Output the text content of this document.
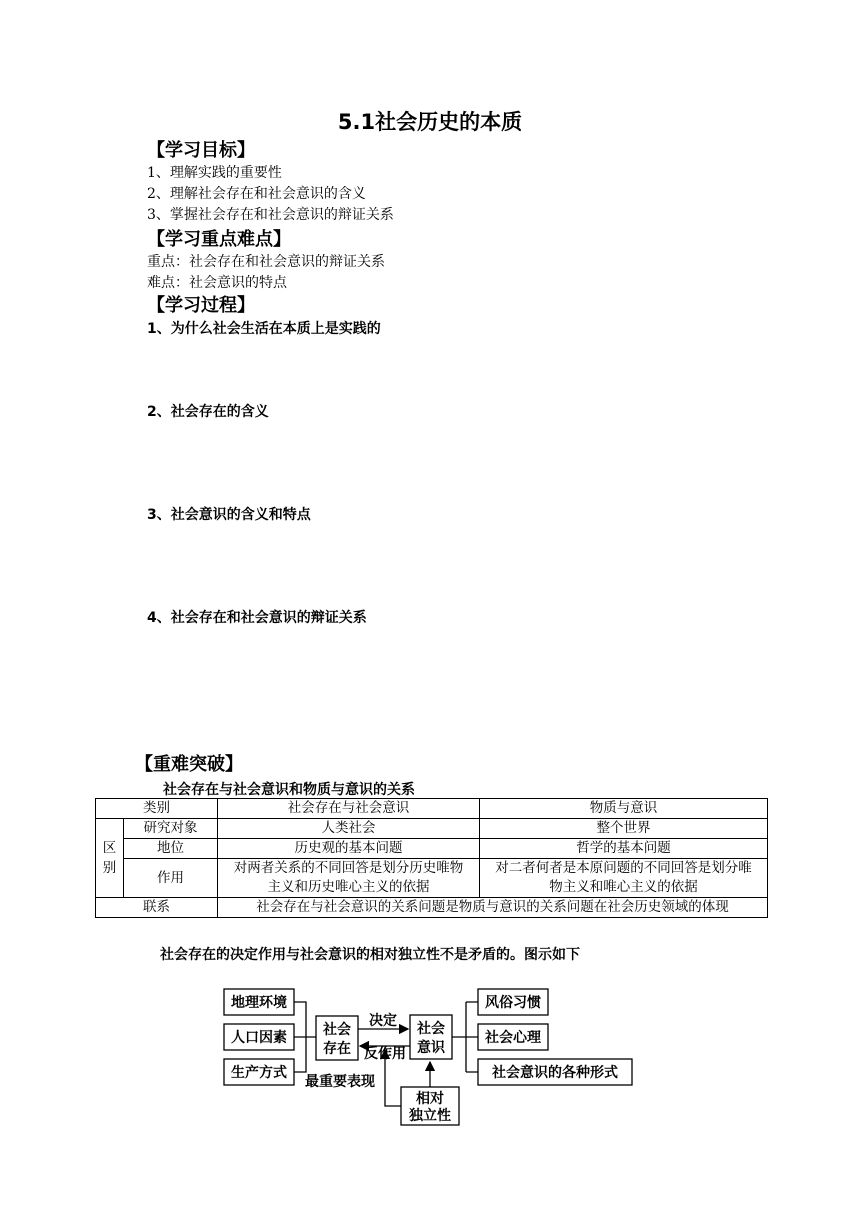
5.1社会历史的本质
【学习目标】
1、理解实践的重要性
2、理解社会存在和社会意识的含义
3、掌握社会存在和社会意识的辩证关系
【学习重点难点】
重点：社会存在和社会意识的辩证关系
难点：社会意识的特点
【学习过程】
1、为什么社会生活在本质上是实践的
2、社会存在的含义
3、社会意识的含义和特点
4、社会存在和社会意识的辩证关系
【重难突破】
社会存在与社会意识和物质与意识的关系
类别		社会存在与社会意识	物质与意识
区别	研究对象	人类社会	整个世界
	地位	历史观的基本问题	哲学的基本问题
	作用	对两者关系的不同回答是划分历史唯物主义和历史唯心主义的依据	对二者何者是本原问题的不同回答是划分唯物主义和唯心主义的依据
联系		社会存在与社会意识的关系问题是物质与意识的关系问题在社会历史领域的体现	
社会存在的决定作用与社会意识的相对独立性不是矛盾的。图示如下
地理环境
人口因素
生产方式
社会
存在
社会
意识
决定
反作用
风俗习惯
社会心理
社会意识的各种形式
最重要表现
相对
独立性
